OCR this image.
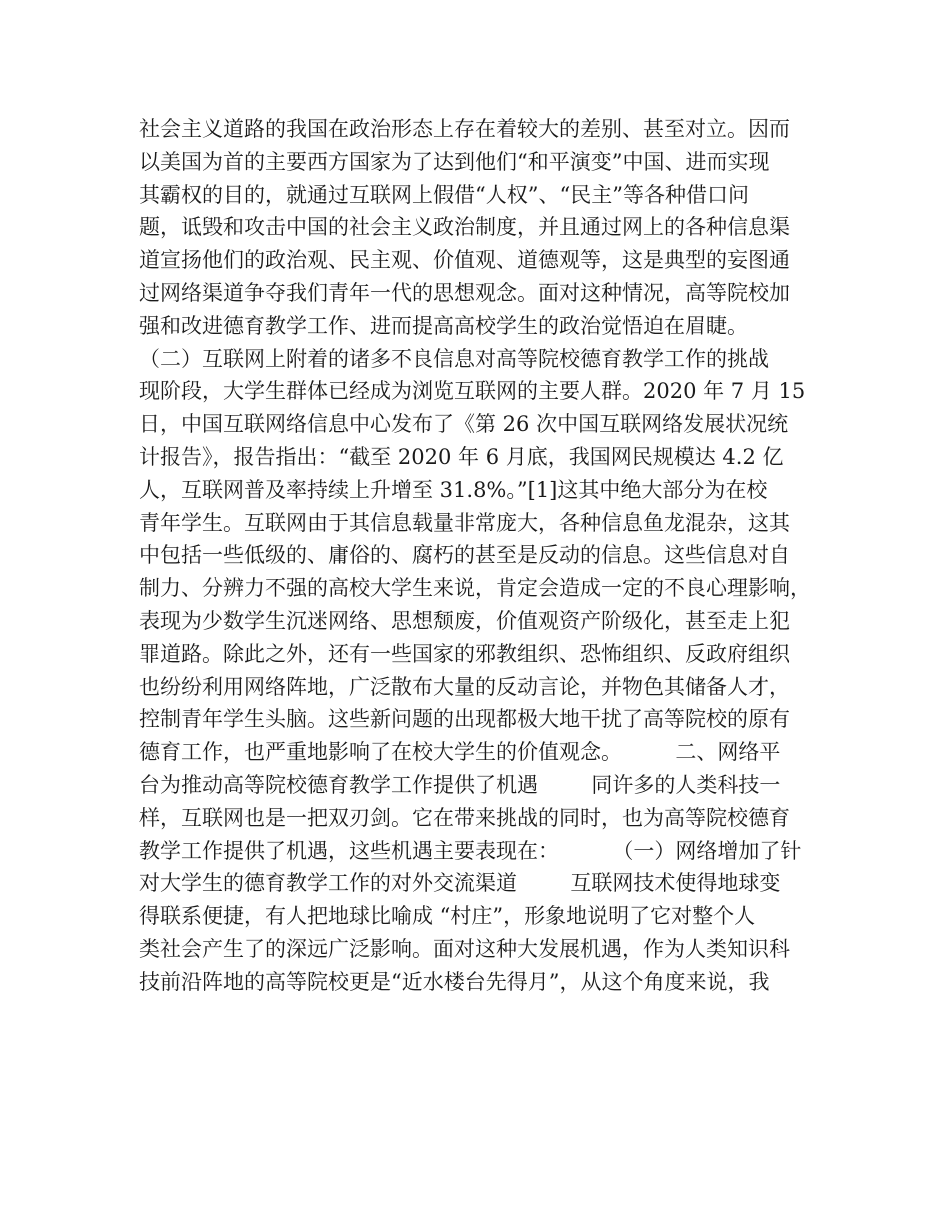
社会主义道路的我国在政治形态上存在着较大的差别、甚至对立。因而
以美国为首的主要西方国家为了达到他们“和平演变”中国、进而实现
其霸权的目的，就通过互联网上假借“人权”、“民主”等各种借口问
题，诋毁和攻击中国的社会主义政治制度，并且通过网上的各种信息渠
道宣扬他们的政治观、民主观、价值观、道德观等，这是典型的妄图通
过网络渠道争夺我们青年一代的思想观念。面对这种情况，高等院校加
强和改进德育教学工作、进而提高高校学生的政治觉悟迫在眉睫。
（二）互联网上附着的诸多不良信息对高等院校德育教学工作的挑战
现阶段，大学生群体已经成为浏览互联网的主要人群。2020 年 7 月 15
日，中国互联网络信息中心发布了《第 26 次中国互联网络发展状况统
计报告》，报告指出：“截至 2020 年 6 月底，我国网民规模达 4.2 亿
人，互联网普及率持续上升增至 31.8%。”[1]这其中绝大部分为在校
青年学生。互联网由于其信息载量非常庞大，各种信息鱼龙混杂，这其
中包括一些低级的、庸俗的、腐朽的甚至是反动的信息。这些信息对自
制力、分辨力不强的高校大学生来说，肯定会造成一定的不良心理影响，
表现为少数学生沉迷网络、思想颓废，价值观资产阶级化，甚至走上犯
罪道路。除此之外，还有一些国家的邪教组织、恐怖组织、反政府组织
也纷纷利用网络阵地，广泛散布大量的反动言论，并物色其储备人才，
控制青年学生头脑。这些新问题的出现都极大地干扰了高等院校的原有
德育工作，也严重地影响了在校大学生的价值观念。        二、网络平
台为推动高等院校德育教学工作提供了机遇        同许多的人类科技一
样，互联网也是一把双刃剑。它在带来挑战的同时，也为高等院校德育
教学工作提供了机遇，这些机遇主要表现在：        （一）网络增加了针
对大学生的德育教学工作的对外交流渠道        互联网技术使得地球变
得联系便捷，有人把地球比喻成 “村庄”，形象地说明了它对整个人
类社会产生了的深远广泛影响。面对这种大发展机遇，作为人类知识科
技前沿阵地的高等院校更是“近水楼台先得月”，从这个角度来说，我
